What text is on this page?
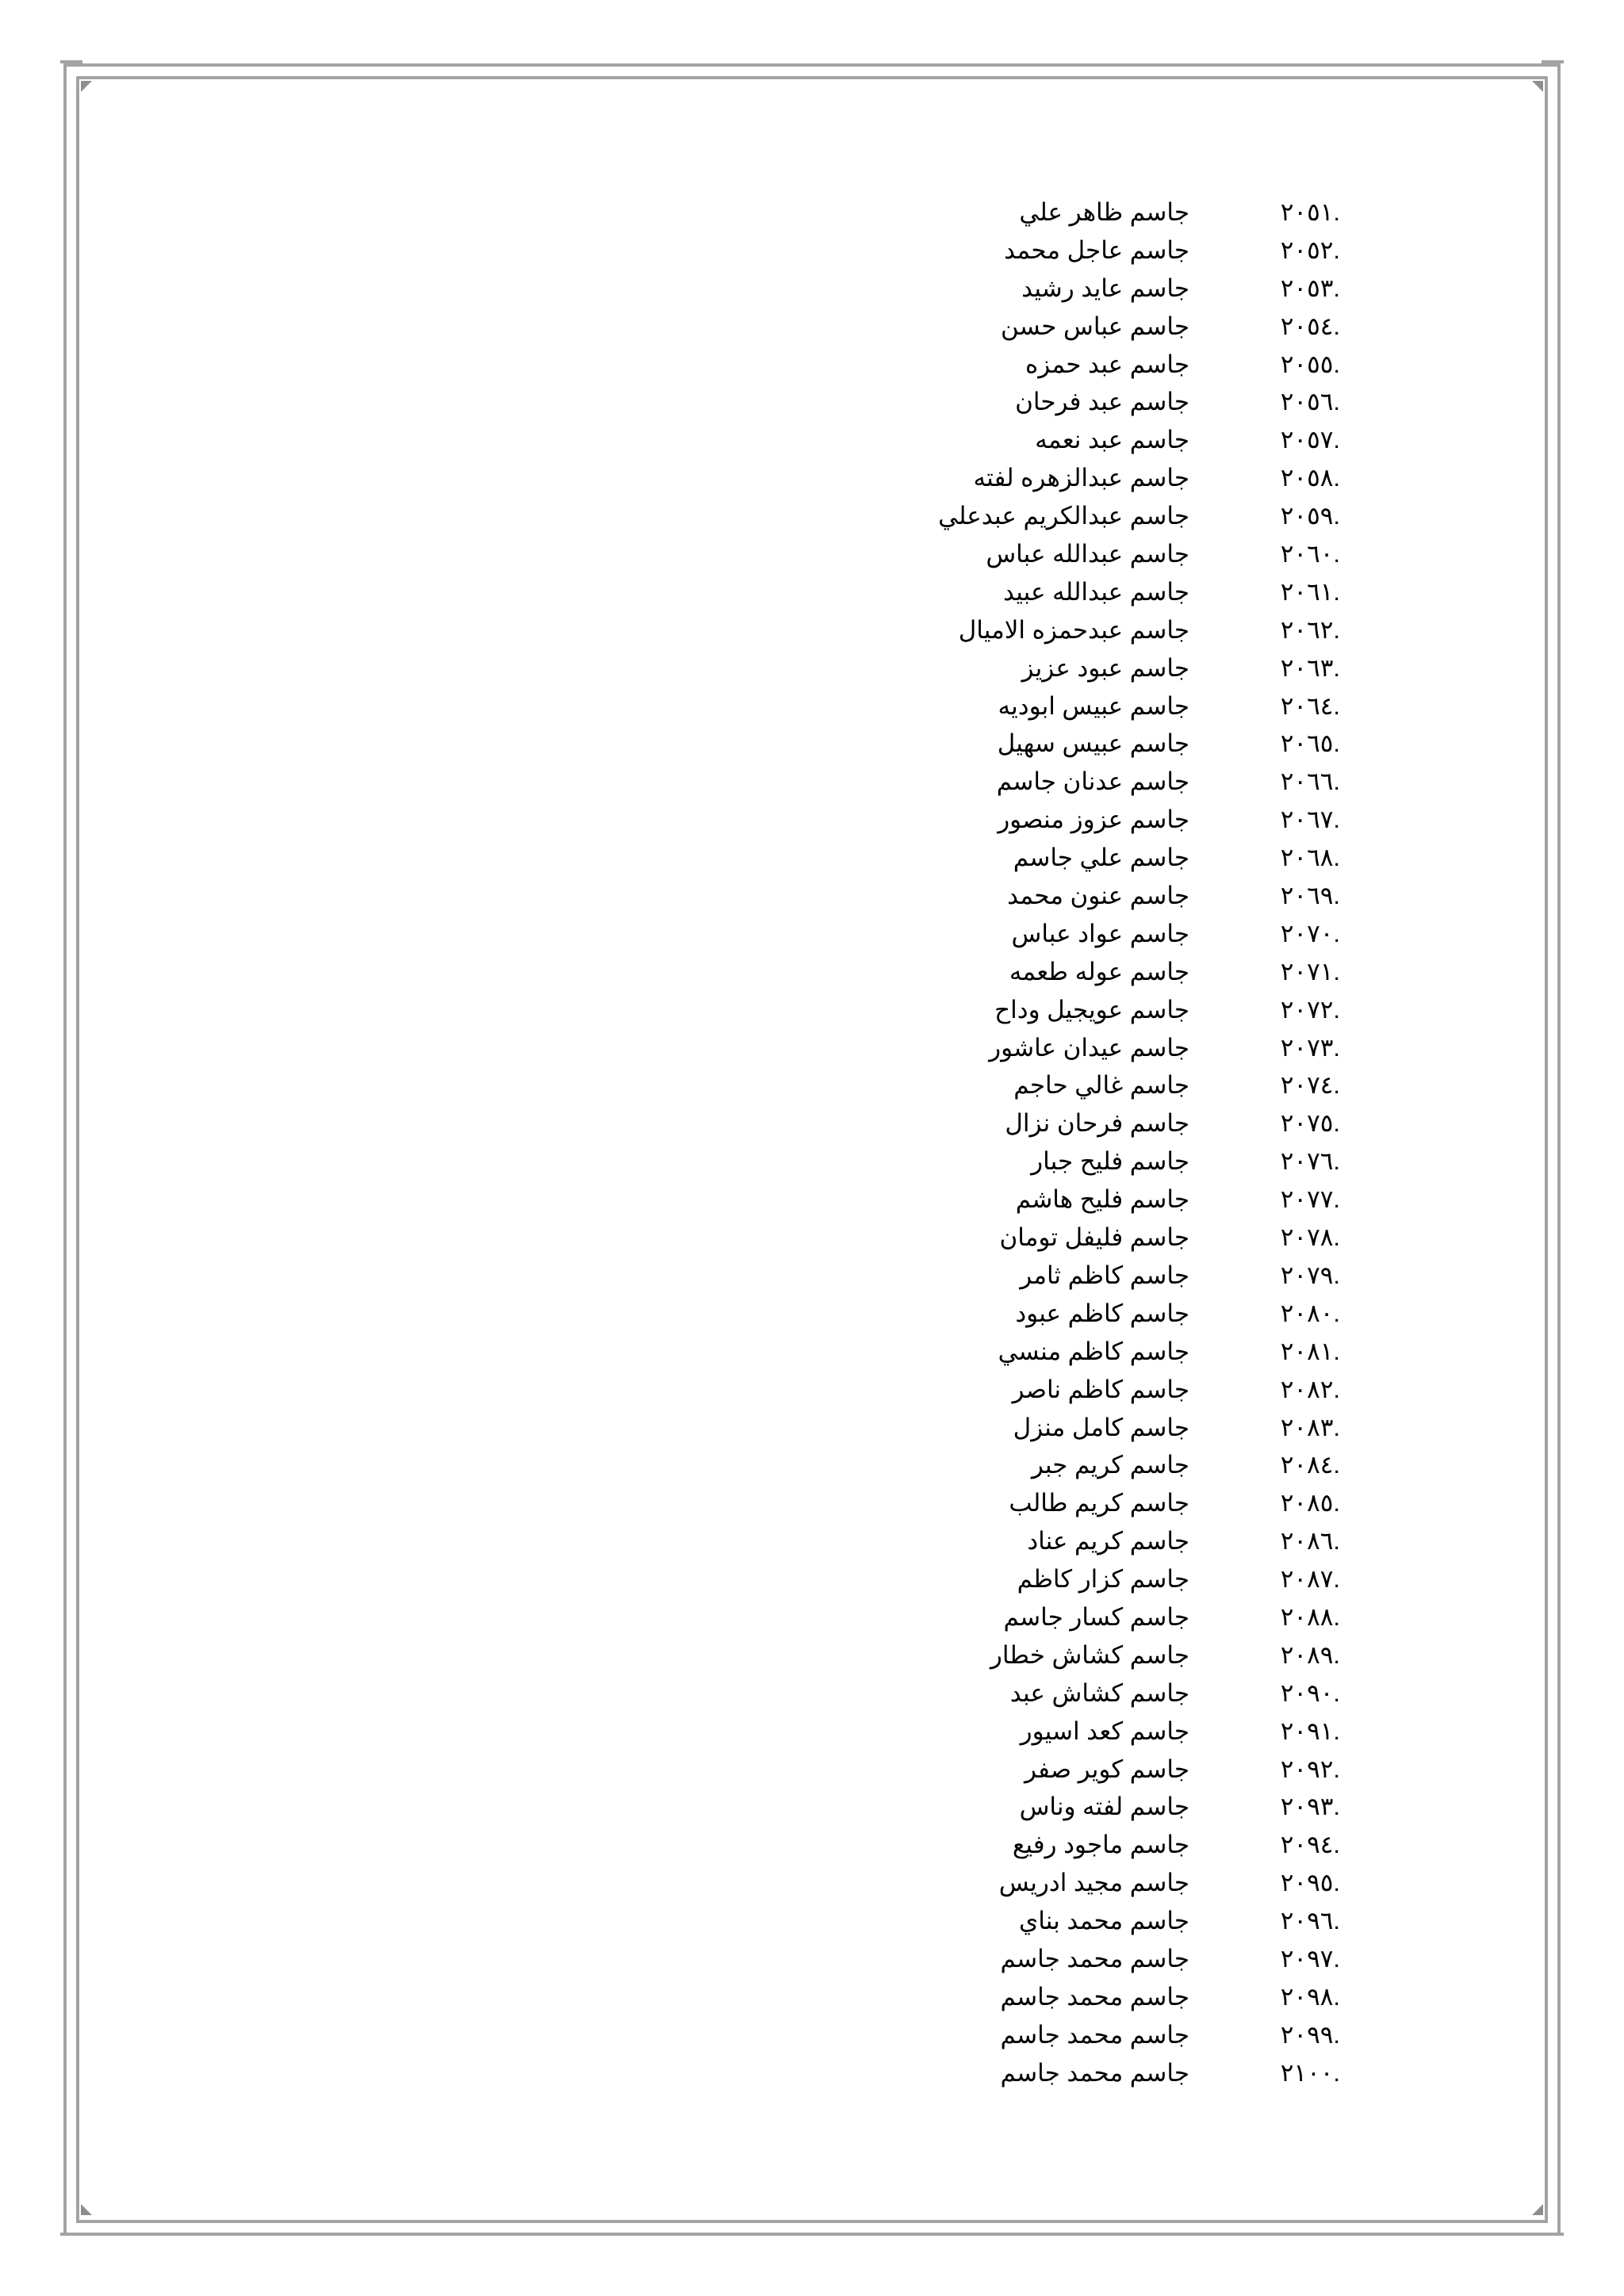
.٢٠٥١
جاسم ظاهر علي
.٢٠٥٢
جاسم عاجل محمد
.٢٠٥٣
جاسم عايد رشيد
.٢٠٥٤
جاسم عباس حسن
.٢٠٥٥
جاسم عبد حمزه
.٢٠٥٦
جاسم عبد فرحان
.٢٠٥٧
جاسم عبد نعمه
.٢٠٥٨
جاسم عبدالزهره لفته
.٢٠٥٩
جاسم عبدالكريم عبدعلي
.٢٠٦٠
جاسم عبدالله عباس
.٢٠٦١
جاسم عبدالله عبيد
.٢٠٦٢
جاسم عبدحمزه الاميال
.٢٠٦٣
جاسم عبود عزيز
.٢٠٦٤
جاسم عبيس ابوديه
.٢٠٦٥
جاسم عبيس سهيل
.٢٠٦٦
جاسم عدنان جاسم
.٢٠٦٧
جاسم عزوز منصور
.٢٠٦٨
جاسم علي جاسم
.٢٠٦٩
جاسم عنون محمد
.٢٠٧٠
جاسم عواد عباس
.٢٠٧١
جاسم عوله طعمه
.٢٠٧٢
جاسم عويجيل وداح
.٢٠٧٣
جاسم عيدان عاشور
.٢٠٧٤
جاسم غالي حاجم
.٢٠٧٥
جاسم فرحان نزال
.٢٠٧٦
جاسم فليح جبار
.٢٠٧٧
جاسم فليح هاشم
.٢٠٧٨
جاسم فليفل تومان
.٢٠٧٩
جاسم كاظم ثامر
.٢٠٨٠
جاسم كاظم عبود
.٢٠٨١
جاسم كاظم منسي
.٢٠٨٢
جاسم كاظم ناصر
.٢٠٨٣
جاسم كامل منزل
.٢٠٨٤
جاسم كريم جبر
.٢٠٨٥
جاسم كريم طالب
.٢٠٨٦
جاسم كريم عناد
.٢٠٨٧
جاسم كزار كاظم
.٢٠٨٨
جاسم كسار جاسم
.٢٠٨٩
جاسم كشاش خطار
.٢٠٩٠
جاسم كشاش عبد
.٢٠٩١
جاسم كعد اسيور
.٢٠٩٢
جاسم كوير صفر
.٢٠٩٣
جاسم لفته وناس
.٢٠٩٤
جاسم ماجود رفيع
.٢٠٩٥
جاسم مجيد ادريس
.٢٠٩٦
جاسم محمد بناي
.٢٠٩٧
جاسم محمد جاسم
.٢٠٩٨
جاسم محمد جاسم
.٢٠٩٩
جاسم محمد جاسم
.٢١٠٠
جاسم محمد جاسم
